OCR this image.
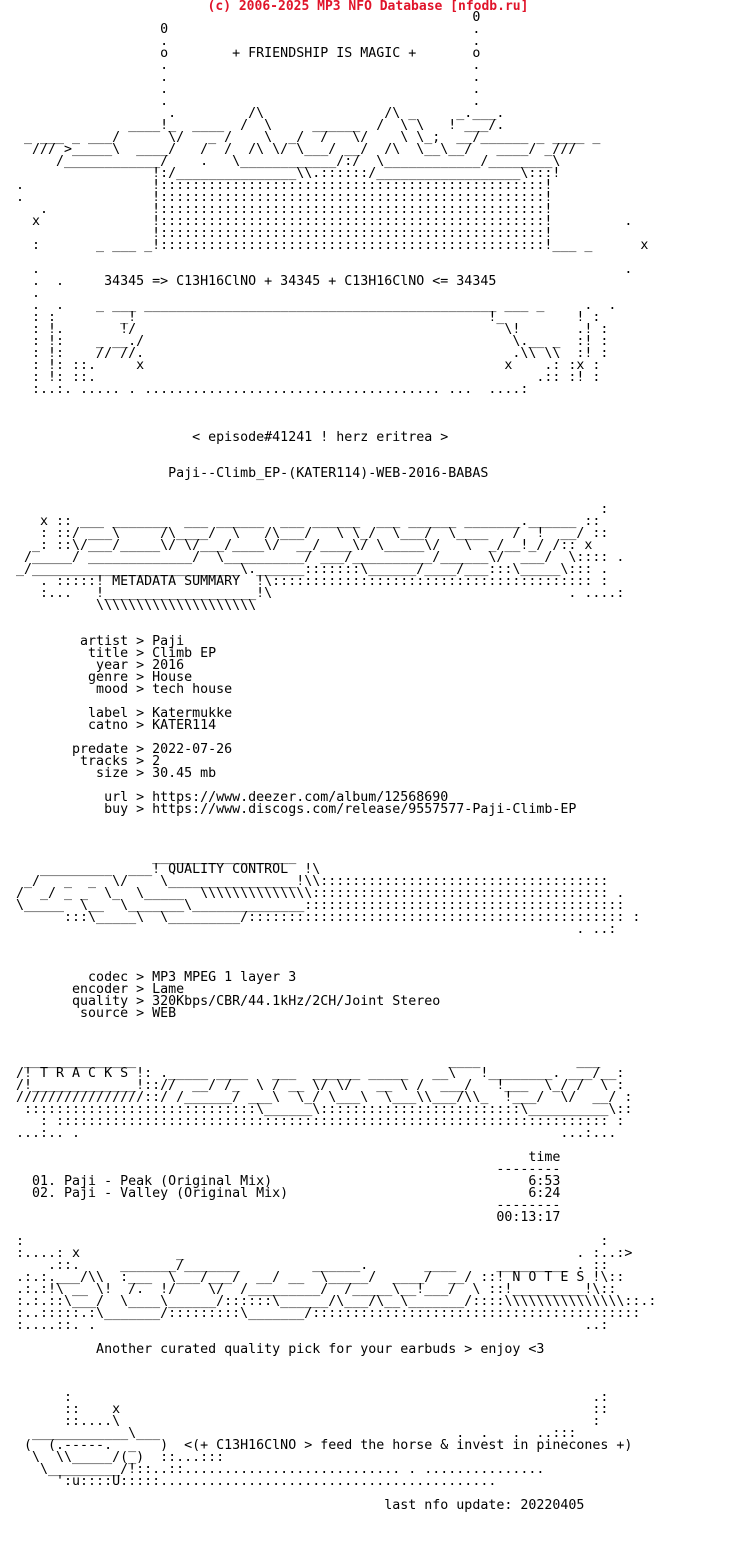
(c) 2006-2025 MP3 NFO Database [nfodb.ru]
0
0                                      .
.                                      .
o        + FRIENDSHIP IS MAGIC +       o
.                                      .
.                                      .
.                                      .
.                                      .
.         /\               /\ _     _.___.
____!_  ____  /  \     ______  /  \ \   ! ___/.
_ ___ _ ___/      \/   _ /    \  _/  /   \/    \ \_;  __/______ _ ____ _
/// >_____\  ____/   /  /  /\ \/ \___/ __/  /\  \__\__/   ____/ _///
/____________/    .   \____________/:/  \____________/________\
!:/_______________\\.::::::/__________________\:::!
.                !::::::::::::::::::::::::::::::::::::::::::::::::!
.                !::::::::::::::::::::::::::::::::::::::::::::::::!
.             !::::::::::::::::::::::::::::::::::::::::::::::::!
x              !::::::::::::::::::::::::::::::::::::::::::::::::!         .
!::::::::::::::::::::::::::::::::::::::::::::::::!
:       _ ___ _!::::::::::::::::::::::::::::::::::::::::::::::::!___ _      x

.                                                                         .
.  .     34345 => C13H16ClNO + 34345 + C13H16ClNO <= 34345
.
.  .    _ ___ ____________________________________________ ___ _     .  .
: :        _!                                            !_         ! :
: !.       !/                                              \!       .! :
: !:    _ __./                                              \.__ _  :! :
: !:    // //.                                              .\\ \\  :! :
: !: ::.     x                                             x    .: :x :
: !: ::.                                                       .:: :! :
:..:. ..... . ..................................... ...  ....:

< episode#41241 ! herz eritrea >

Paji--Climb_EP-(KATER114)-WEB-2016-BABAS

:
x :: ___ _______  ___ ______  ___ ______  ___ ______ _______.______ ::
: ::/ ___\     /\____/  \   /\___/   \ \_/  \___/  \____   /  !  __/ ::
_: ::\/___/_____\/ \/___/____\/  __/____\/ \_____\/   \  _/__!_/ /:: x
/_____/ _____________/  \__________/ ___/__________/______\/  ___/  \:::: .
_/__________________________\.______:::::::\______/____/___:::\_____\::: .
. :::::! METADATA SUMMARY  !\:::::::::::::::::::::::::::::::::::::::: :
:...   !___________________!\                                     . ....:
\\\\\\\\\\\\\\\\\\\\

artist > Paji
title > Climb EP
year > 2016
genre > House
mood > tech house

label > Katermukke
catno > KATER114

predate > 2022-07-26
tracks > 2
size > 30.45 mb

url > https://www.deezer.com/album/12568690
buy > https://www.discogs.com/release/9557577-Paji-Climb-EP

__________________
_________  ___! QUALITY CONTROL  !\
_/   _  _  \/    \________________!\\::::::::::::::::::::::::::::::::::::
/  _/ _ _  \_  \_____  \\\\\\\\\\\\\\::::::::::::::::::::::::::::::::::::: .
\_____  \__  \_______\______________::::::::::::::::::::::::::::::::::::::::
:::\_____\  \_________/::::::::::::::::::::::::::::::::::::::::::::::: :
. ..:

codec > MP3 MPEG 1 layer 3
encoder > Lame
quality > 320Kbps/CBR/44.1kHz/2CH/Joint Stereo
source > WEB

______________                                       ____            ___
/! T R A C K S !: ._____ ____   ___  ______ _____   __\   !________. ___/__:
/!_____________!:://  __/ /_  \ / __ \/ \/   __ \ /  ___/   !___  \_/ /  \ :
////////////////::/ /______/ ___\  \_/ \___\  \___\\___/\\_  !___/  \/  __/ :
:::::::::::::::::::::::::::::\______\:::::::::::::::::::::::::\__________\::
: ::::::::::::::::::::::::::::::::::::::::::::::::::::::::::::::::::::: :
...:.. .                                                            ...:...

time
--------
01. Paji - Peak (Original Mix)                                6:53
02. Paji - Valley (Original Mix)                              6:24
--------
00:13:17

:                                                                        :
:....: x            _                                                 . :..:>
.::.     _______/_______         ______.       ____     _________ . ::
.:.:.___/\\  :___  \___/___/  __/ __  \_____/  ____/  __/ ::! N O T E S !\::
.:.:!\ __ \!  /.  !/    \/  /_________/  /_____\__!___/  \ ::!_________!\::
:.:.::\___/  \____\______/::::::\______/\___/\__\_______/::::\\\\\\\\\\\\\\\::.:
:..:::::.:\_______/:::::::::\_______/:::::::::::::::::::::::::::::::::::::::::
:....::. .                                                             ..:

Another curated quality pick for your earbuds > enjoy <3

:                                                                 .:
::    x                                                           ::
::....\                                                           :
____________\___                                     .  .   .  ..:::
(  (.-----.  _   )  <(+ C13H16ClNO > feed the horse & invest in pinecones +)
\  \\_____/(_)  ::...:::
\_________/!::..::........................... . ...............
':u::::U:::::..........................................

last nfo update: 20220405
